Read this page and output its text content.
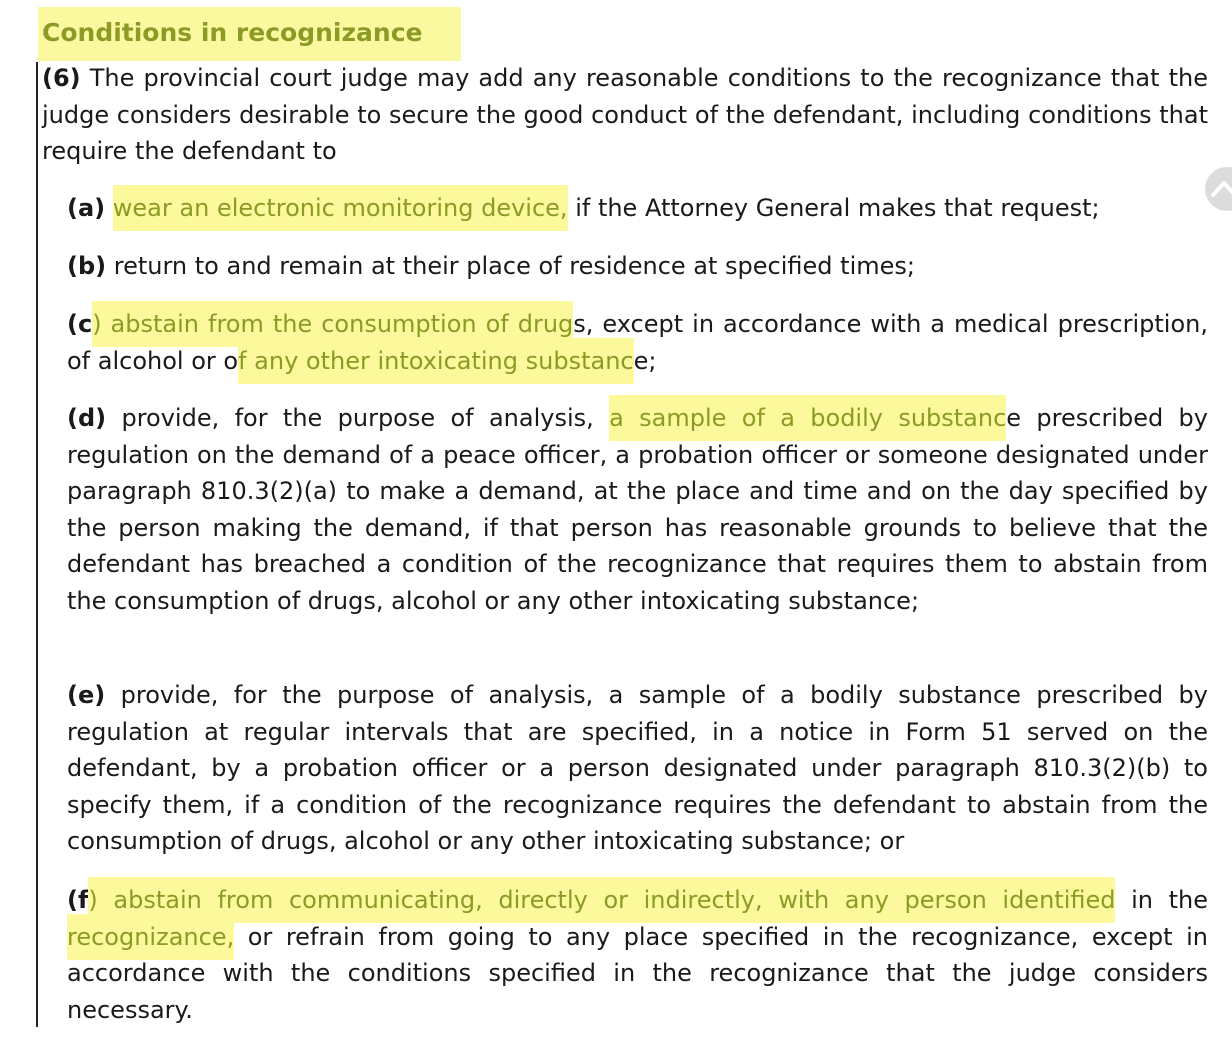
Conditions in recognizance
(6) The provincial court judge may add any reasonable conditions to the recognizance that the judge considers desirable to secure the good conduct of the defendant, including conditions that require the defendant to
(a) wear an electronic monitoring device, if the Attorney General makes that request;
(b) return to and remain at their place of residence at specified times;
(c) abstain from the consumption of drugs, except in accordance with a medical prescription, of alcohol or of any other intoxicating substance;
(d) provide, for the purpose of analysis, a sample of a bodily substance prescribed by regulation on the demand of a peace officer, a probation officer or someone designated under paragraph 810.3(2)(a) to make a demand, at the place and time and on the day specified by the person making the demand, if that person has reasonable grounds to believe that the defendant has breached a condition of the recognizance that requires them to abstain from the consumption of drugs, alcohol or any other intoxicating substance;
(e) provide, for the purpose of analysis, a sample of a bodily substance prescribed by regulation at regular intervals that are specified, in a notice in Form 51 served on the defendant, by a probation officer or a person designated under paragraph 810.3(2)(b) to specify them, if a condition of the recognizance requires the defendant to abstain from the consumption of drugs, alcohol or any other intoxicating substance; or
(f) abstain from communicating, directly or indirectly, with any person identified in the recognizance, or refrain from going to any place specified in the recognizance, except in accordance with the conditions specified in the recognizance that the judge considers necessary.
